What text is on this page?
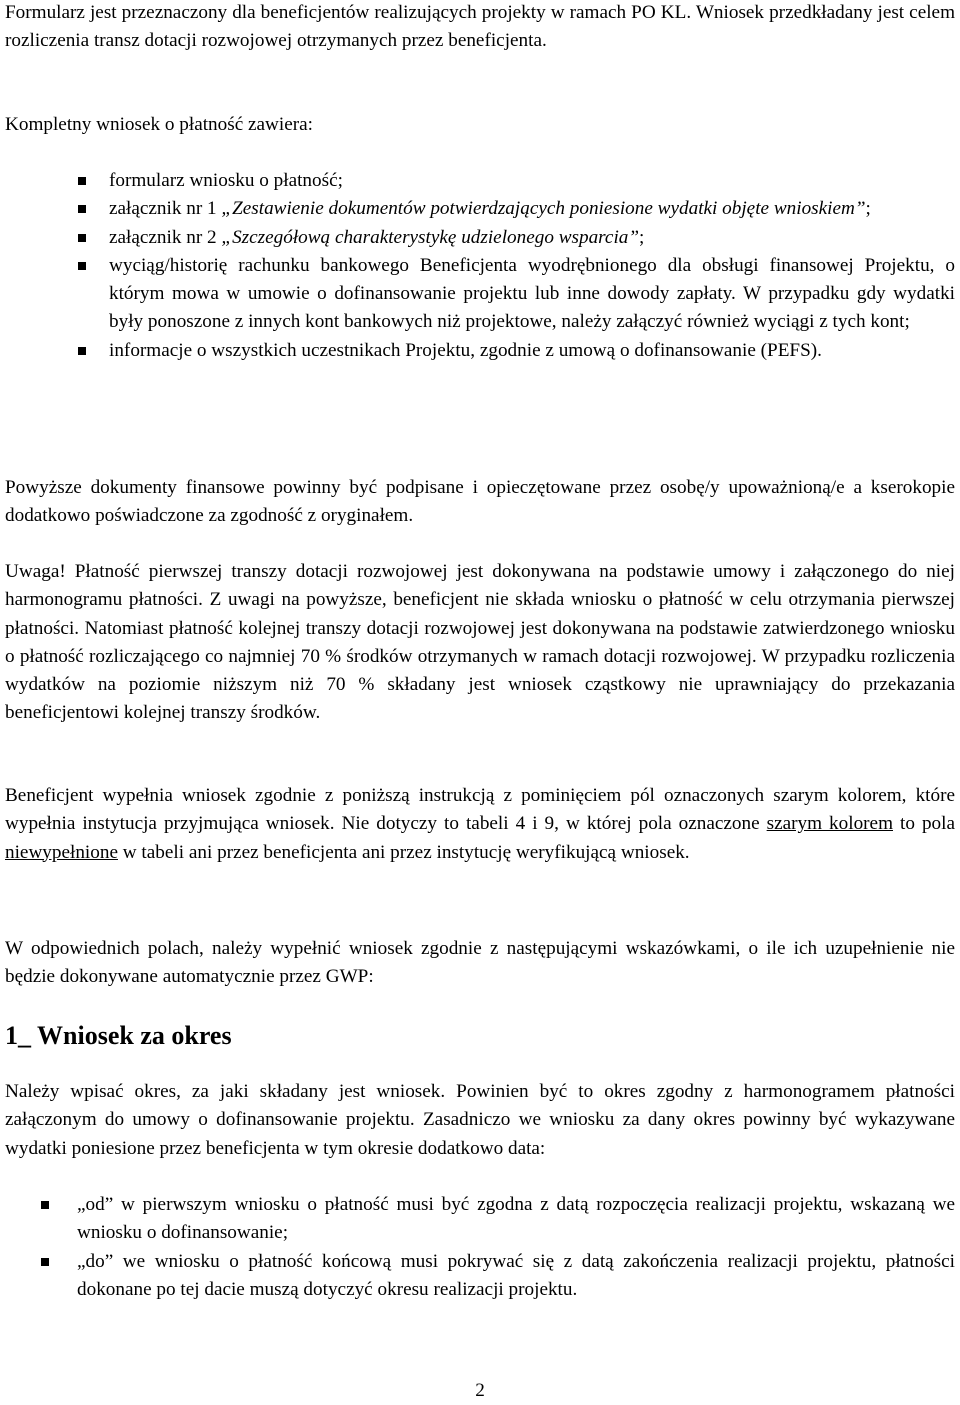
Formularz jest przeznaczony dla beneficjentów realizujących projekty w ramach PO KL. Wniosek przedkładany jest celem rozliczenia transz dotacji rozwojowej otrzymanych przez beneficjenta.

Kompletny wniosek o płatność zawiera:

formularz wniosku o płatność;
załącznik nr 1 „Zestawienie dokumentów potwierdzających poniesione wydatki objęte wnioskiem”;
załącznik nr 2 „Szczegółową charakterystykę udzielonego wsparcia”;
wyciąg/historię rachunku bankowego Beneficjenta wyodrębnionego dla obsługi finansowej Projektu, o którym mowa w umowie o dofinansowanie projektu lub inne dowody zapłaty. W przypadku gdy wydatki były ponoszone z innych kont bankowych niż projektowe, należy załączyć również wyciągi z tych kont;
informacje o wszystkich uczestnikach Projektu, zgodnie z umową o dofinansowanie (PEFS).

Powyższe dokumenty finansowe powinny być podpisane i opieczętowane przez osobę/y upoważnioną/e a kserokopie dodatkowo poświadczone za zgodność z oryginałem.

Uwaga! Płatność pierwszej transzy dotacji rozwojowej jest dokonywana na podstawie umowy i załączonego do niej harmonogramu płatności. Z uwagi na powyższe, beneficjent nie składa wniosku o płatność w celu otrzymania pierwszej płatności. Natomiast płatność kolejnej transzy dotacji rozwojowej jest dokonywana na podstawie zatwierdzonego wniosku o płatność rozliczającego co najmniej 70 % środków otrzymanych w ramach dotacji rozwojowej. W przypadku rozliczenia wydatków na poziomie niższym niż 70 % składany jest wniosek cząstkowy nie uprawniający do przekazania beneficjentowi kolejnej transzy środków.

Beneficjent wypełnia wniosek zgodnie z poniższą instrukcją z pominięciem pól oznaczonych szarym kolorem, które wypełnia instytucja przyjmująca wniosek. Nie dotyczy to tabeli 4 i 9, w której pola oznaczone szarym kolorem to pola niewypełnione w tabeli ani przez beneficjenta ani przez instytucję weryfikującą wniosek.

W odpowiednich polach, należy wypełnić wniosek zgodnie z następującymi wskazówkami, o ile ich uzupełnienie nie będzie dokonywane automatycznie przez GWP:

1_ Wniosek za okres

Należy wpisać okres, za jaki składany jest wniosek. Powinien być to okres zgodny z harmonogramem płatności załączonym do umowy o dofinansowanie projektu. Zasadniczo we wniosku za dany okres powinny być wykazywane wydatki poniesione przez beneficjenta w tym okresie dodatkowo data:

„od” w pierwszym wniosku o płatność musi być zgodna z datą rozpoczęcia realizacji projektu, wskazaną we wniosku o dofinansowanie;
„do” we wniosku o płatność końcową musi pokrywać się z datą zakończenia realizacji projektu, płatności dokonane po tej dacie muszą dotyczyć okresu realizacji projektu.
2
